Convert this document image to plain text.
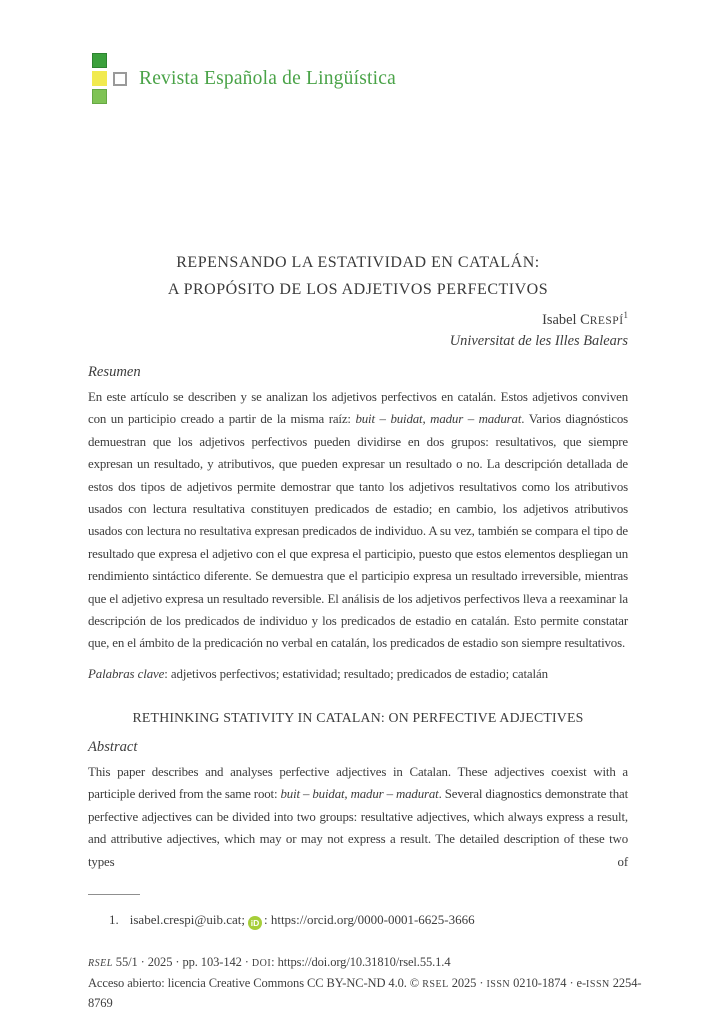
Revista Española de Lingüística
REPENSANDO LA ESTATIVIDAD EN CATALÁN:
A PROPÓSITO DE LOS ADJETIVOS PERFECTIVOS
Isabel CRESPÍ$^1$
Universitat de les Illes Balears
Resumen

En este artículo se describen y se analizan los adjetivos perfectivos en catalán. Estos adjetivos conviven con un participio creado a partir de la misma raíz: buit – buidat, madur – madurat. Varios diagnósticos demuestran que los adjetivos perfectivos pueden dividirse en dos grupos: resultativos, que siempre expresan un resultado, y atributivos, que pueden expresar un resultado o no. La descripción detallada de estos dos tipos de adjetivos permite demostrar que tanto los adjetivos resultativos como los atributivos usados con lectura resultativa constituyen predicados de estadio; en cambio, los adjetivos atributivos usados con lectura no resultativa expresan predicados de individuo. A su vez, también se compara el tipo de resultado que expresa el adjetivo con el que expresa el participio, puesto que estos elementos despliegan un rendimiento sintáctico diferente. Se demuestra que el participio expresa un resultado irreversible, mientras que el adjetivo expresa un resultado reversible. El análisis de los adjetivos perfectivos lleva a reexaminar la descripción de los predicados de individuo y los predicados de estadio en catalán. Esto permite constatar que, en el ámbito de la predicación no verbal en catalán, los predicados de estadio son siempre resultativos.

Palabras clave: adjetivos perfectivos; estatividad; resultado; predicados de estadio; catalán

RETHINKING STATIVITY IN CATALAN: ON PERFECTIVE ADJECTIVES
Abstract

This paper describes and analyses perfective adjectives in Catalan. These adjectives coexist with a participle derived from the same root: buit – buidat, madur – madurat. Several diagnostics demonstrate that perfective adjectives can be divided into two groups: resultative adjectives, which always express a result, and attributive adjectives, which may or may not express a result. The detailed description of these two types of

1. isabel.crespi@uib.cat; iD : https://orcid.org/0000-0001-6625-3666
RSEL 55/1 · 2025 · pp. 103-142 · DOI: https://doi.org/10.31810/rsel.55.1.4
Acceso abierto: licencia Creative Commons CC BY-NC-ND 4.0. © RSEL 2025 · ISSN 0210-1874 · e-ISSN 2254-8769
